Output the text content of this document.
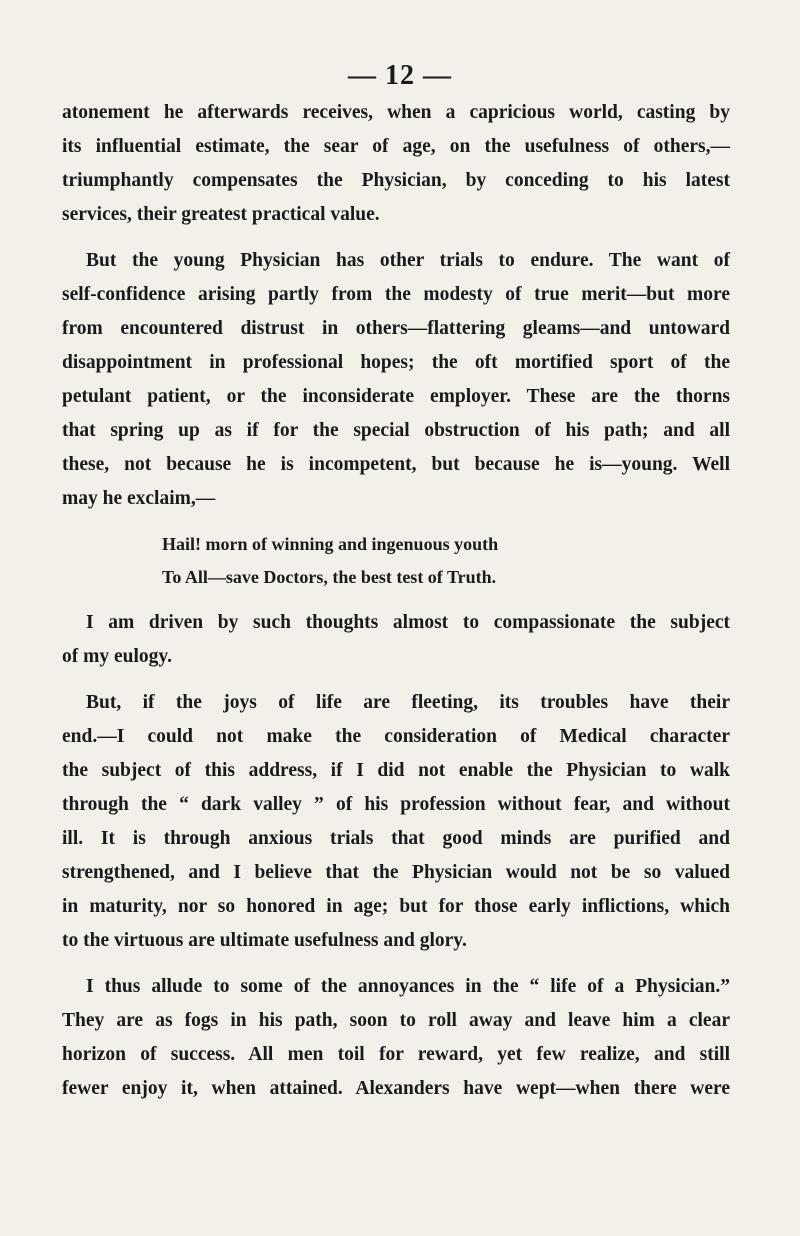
— 12 —

atonement he afterwards receives, when a capricious world, casting by
its influential estimate, the sear of age, on the usefulness of others,—
triumphantly compensates the Physician, by conceding to his latest
services, their greatest practical value.

But the young Physician has other trials to endure. The want of
self-confidence arising partly from the modesty of true merit—but more
from encountered distrust in others—flattering gleams—and untoward
disappointment in professional hopes; the oft mortified sport of the
petulant patient, or the inconsiderate employer. These are the thorns
that spring up as if for the special obstruction of his path; and all
these, not because he is incompetent, but because he is—young. Well
may he exclaim,—

Hail! morn of winning and ingenuous youth
To All—save Doctors, the best test of Truth.

I am driven by such thoughts almost to compassionate the subject
of my eulogy.

But, if the joys of life are fleeting, its troubles have their
end.—I could not make the consideration of Medical character
the subject of this address, if I did not enable the Physician to walk
through the “ dark valley ” of his profession without fear, and without
ill. It is through anxious trials that good minds are purified and
strengthened, and I believe that the Physician would not be so valued
in maturity, nor so honored in age; but for those early inflictions, which
to the virtuous are ultimate usefulness and glory.

I thus allude to some of the annoyances in the “ life of a Physician.”
They are as fogs in his path, soon to roll away and leave him a clear
horizon of success. All men toil for reward, yet few realize, and still
fewer enjoy it, when attained. Alexanders have wept—when there were
